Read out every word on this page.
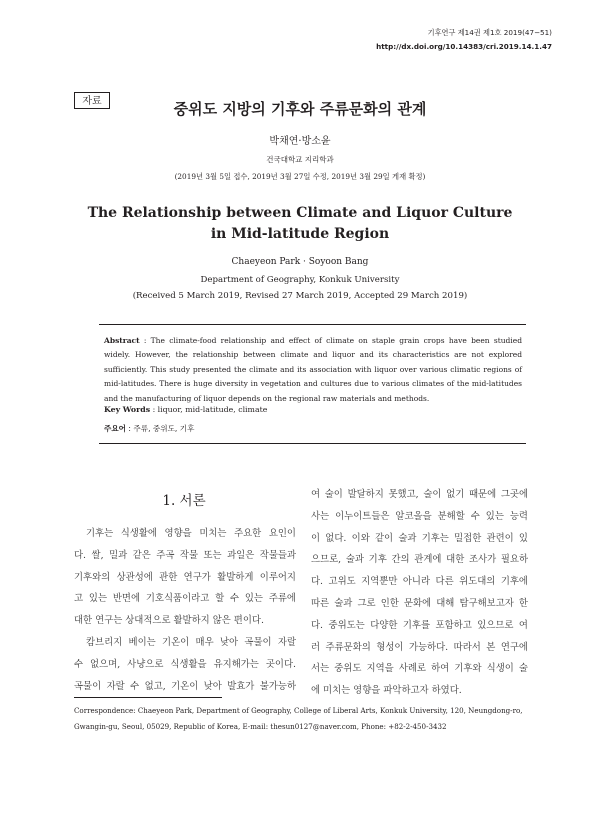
기후연구 제14권 제1호 2019(47−51)
http://dx.doi.org/10.14383/cri.2019.14.1.47
자료	중위도 지방의 기후와 주류문화의 관계
박채연·방소윤
건국대학교 지리학과
(2019년 3월 5일 접수, 2019년 3월 27일 수정, 2019년 3월 29일 게재 확정)
The Relationship between Climate and Liquor Culture
in Mid-latitude Region
Chaeyeon Park · Soyoon Bang
Department of Geography, Konkuk University
(Received 5 March 2019, Revised 27 March 2019, Accepted 29 March 2019)
Abstract : The climate-food relationship and effect of climate on staple grain crops have been studied widely. However, the relationship between climate and liquor and its characteristics are not explored sufficiently. This study presented the climate and its association with liquor over various climatic regions of mid-latitudes. There is huge diversity in vegetation and cultures due to various climates of the mid-latitudes and the manufacturing of liquor depends on the regional raw materials and methods.
Key Words : liquor, mid-latitude, climate
주요어 : 주류, 중위도, 기후
1. 서론
기후는 식생활에 영향을 미치는 주요한 요인이
다. 쌀, 밀과 같은 주곡 작물 또는 과일은 작물들과
기후와의 상관성에 관한 연구가 활발하게 이루어지
고 있는 반면에 기호식품이라고 할 수 있는 주류에
대한 연구는 상대적으로 활발하지 않은 편이다.
캄브리지 베이는 기온이 매우 낮아 곡물이 자랄
수 없으며, 사냥으로 식생활을 유지해가는 곳이다.
곡물이 자랄 수 없고, 기온이 낮아 발효가 불가능하
여 술이 발달하지 못했고, 술이 없기 때문에 그곳에
사는 이누이트들은 알코올을 분해할 수 있는 능력
이 없다. 이와 같이 술과 기후는 밀접한 관련이 있
으므로, 술과 기후 간의 관계에 대한 조사가 필요하
다. 고위도 지역뿐만 아니라 다른 위도대의 기후에
따른 술과 그로 인한 문화에 대해 탐구해보고자 한
다. 중위도는 다양한 기후를 포함하고 있으므로 여
러 주류문화의 형성이 가능하다. 따라서 본 연구에
서는 중위도 지역을 사례로 하여 기후와 식생이 술
에 미치는 영향을 파악하고자 하였다.
Correspondence: Chaeyeon Park, Department of Geography, College of Liberal Arts, Konkuk University, 120, Neungdong-ro, Gwangin-gu, Seoul, 05029, Republic of Korea, E-mail: thesun0127@naver.com, Phone: +82-2-450-3432
